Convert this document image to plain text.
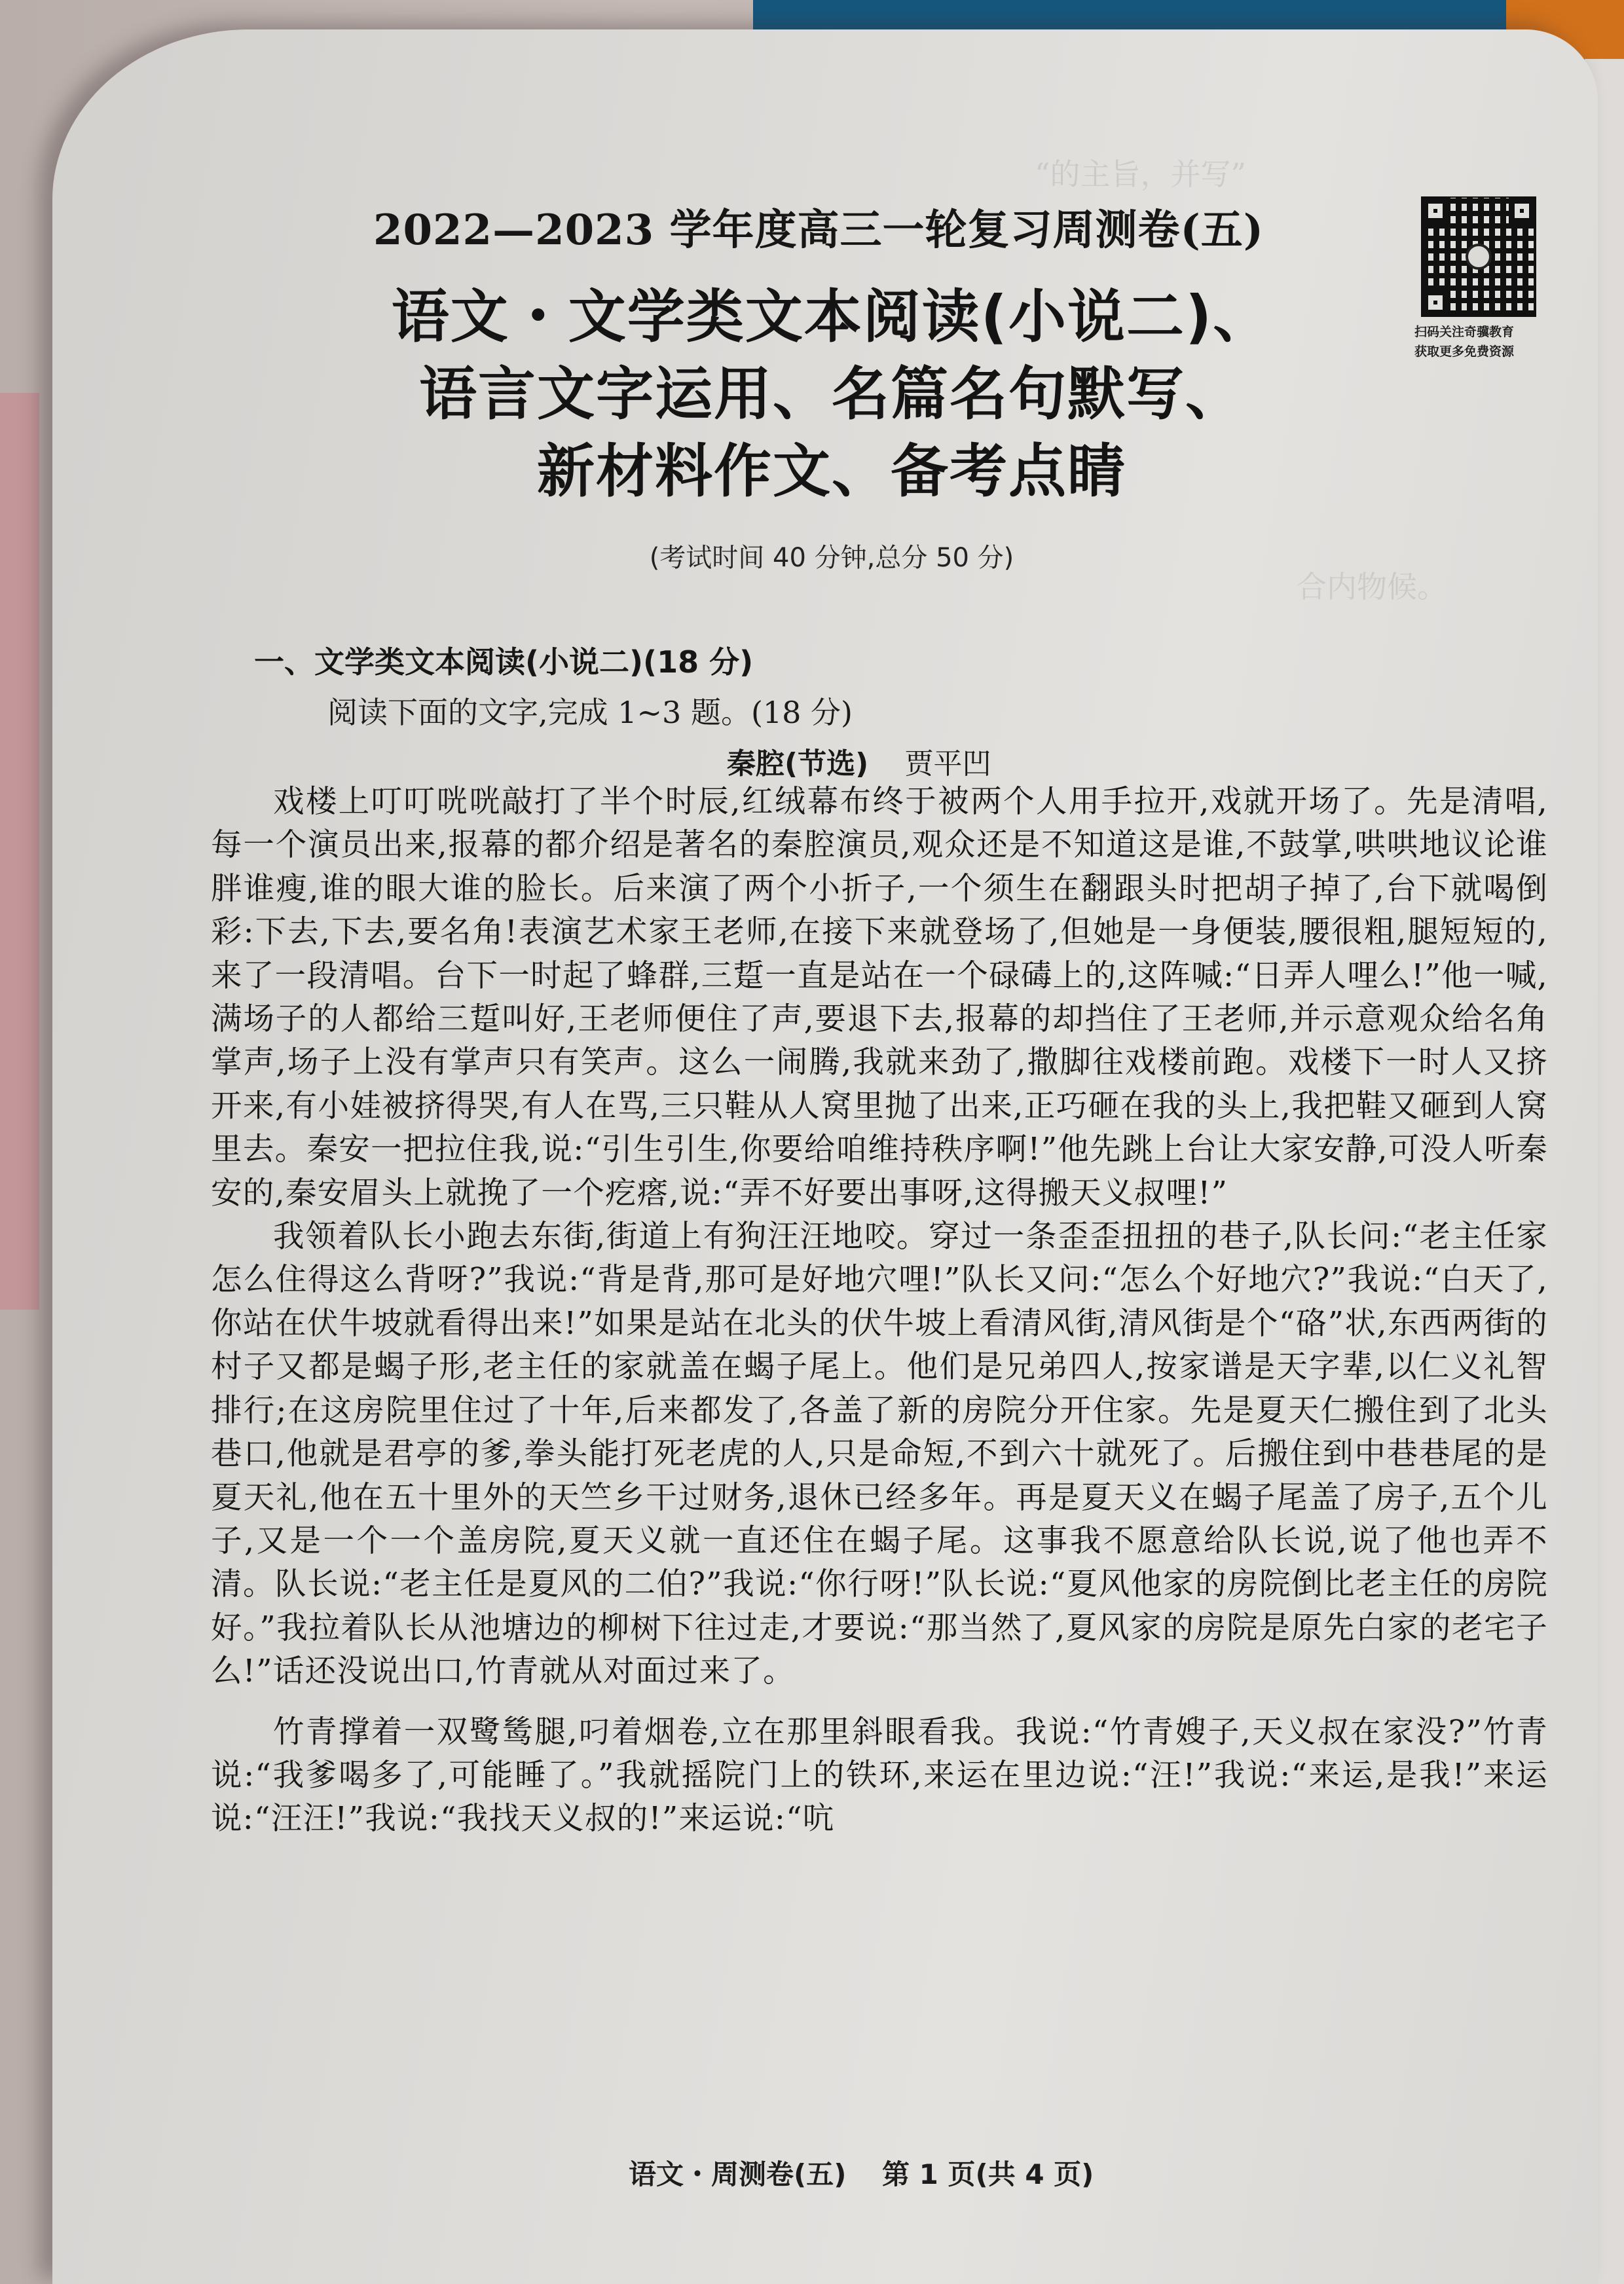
“的主旨，并写”
合内物候。
2022—2023 学年度高三一轮复习周测卷(五)
语文・文学类文本阅读(小说二)、
语言文字运用、名篇名句默写、
新材料作文、备考点睛
(考试时间 40 分钟,总分 50 分)
扫码关注奇骥教育
获取更多免费资源
一、文学类文本阅读(小说二)(18 分)
阅读下面的文字,完成 1~3 题。(18 分)
秦腔(节选) 贾平凹

戏楼上叮叮咣咣敲打了半个时辰,红绒幕布终于被两个人用手拉开,戏就开场了。先是清唱,每一个演员出来,报幕的都介绍是著名的秦腔演员,观众还是不知道这是谁,不鼓掌,哄哄地议论谁胖谁瘦,谁的眼大谁的脸长。后来演了两个小折子,一个须生在翻跟头时把胡子掉了,台下就喝倒彩:下去,下去,要名角!表演艺术家王老师,在接下来就登场了,但她是一身便装,腰很粗,腿短短的,来了一段清唱。台下一时起了蜂群,三踅一直是站在一个碌碡上的,这阵喊:“日弄人哩么!”他一喊,满场子的人都给三踅叫好,王老师便住了声,要退下去,报幕的却挡住了王老师,并示意观众给名角掌声,场子上没有掌声只有笑声。这么一闹腾,我就来劲了,撒脚往戏楼前跑。戏楼下一时人又挤开来,有小娃被挤得哭,有人在骂,三只鞋从人窝里抛了出来,正巧砸在我的头上,我把鞋又砸到人窝里去。秦安一把拉住我,说:“引生引生,你要给咱维持秩序啊!”他先跳上台让大家安静,可没人听秦安的,秦安眉头上就挽了一个疙瘩,说:“弄不好要出事呀,这得搬天义叔哩!”

我领着队长小跑去东街,街道上有狗汪汪地咬。穿过一条歪歪扭扭的巷子,队长问:“老主任家怎么住得这么背呀?”我说:“背是背,那可是好地穴哩!”队长又问:“怎么个好地穴?”我说:“白天了,你站在伏牛坡就看得出来!”如果是站在北头的伏牛坡上看清风街,清风街是个“硌”状,东西两街的村子又都是蝎子形,老主任的家就盖在蝎子尾上。他们是兄弟四人,按家谱是天字辈,以仁义礼智排行;在这房院里住过了十年,后来都发了,各盖了新的房院分开住家。先是夏天仁搬住到了北头巷口,他就是君亭的爹,拳头能打死老虎的人,只是命短,不到六十就死了。后搬住到中巷巷尾的是夏天礼,他在五十里外的天竺乡干过财务,退休已经多年。再是夏天义在蝎子尾盖了房子,五个儿子,又是一个一个盖房院,夏天义就一直还住在蝎子尾。这事我不愿意给队长说,说了他也弄不清。队长说:“老主任是夏风的二伯?”我说:“你行呀!”队长说:“夏风他家的房院倒比老主任的房院好。”我拉着队长从池塘边的柳树下往过走,才要说:“那当然了,夏风家的房院是原先白家的老宅子么!”话还没说出口,竹青就从对面过来了。

竹青撑着一双鹭鸶腿,叼着烟卷,立在那里斜眼看我。我说:“竹青嫂子,天义叔在家没?”竹青说:“我爹喝多了,可能睡了。”我就摇院门上的铁环,来运在里边说:“汪!”我说:“来运,是我!”来运说:“汪汪!”我说:“我找天义叔的!”来运说:“吭

语文・周测卷(五) 第 1 页(共 4 页)
